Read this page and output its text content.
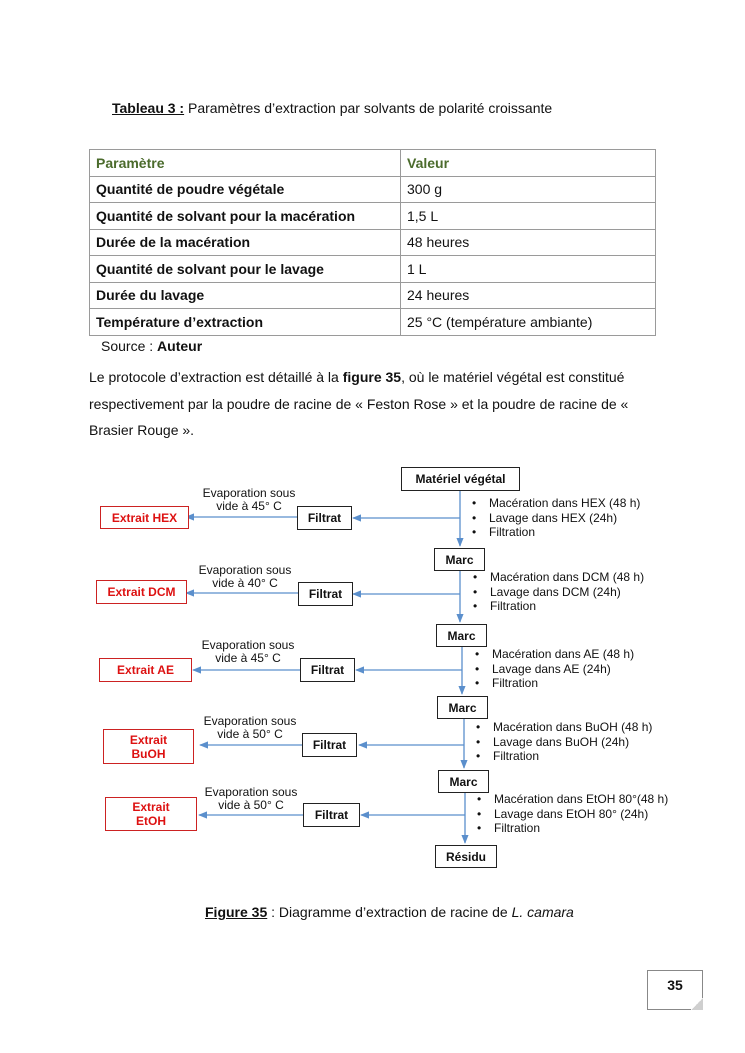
Tableau 3 : Paramètres d’extraction par solvants de polarité croissante
Paramètre	Valeur
Quantité de poudre végétale	300 g
Quantité de solvant pour la macération	1,5 L
Durée de la macération	48 heures
Quantité de solvant pour le lavage	1 L
Durée du lavage	24 heures
Température d’extraction	25 °C (température ambiante)
Source : Auteur
Le protocole d’extraction est détaillé à la figure 35, où le matériel végétal est constitué respectivement par la poudre de racine de « Feston Rose » et la poudre de racine de « Brasier Rouge ».
Matériel végétal
Marc
Marc
Marc
Marc
Résidu
• Macération dans HEX (48 h)
• Lavage dans HEX (24h)
• Filtration
• Macération dans DCM (48 h)
• Lavage dans DCM (24h)
• Filtration
• Macération dans AE (48 h)
• Lavage dans AE (24h)
• Filtration
• Macération dans BuOH (48 h)
• Lavage dans BuOH (24h)
• Filtration
• Macération dans EtOH 80°(48 h)
• Lavage dans EtOH 80° (24h)
• Filtration
Filtrat
Filtrat
Filtrat
Filtrat
Filtrat
Evaporation sous
vide à 45° C
Evaporation sous
vide à 40° C
Evaporation sous
vide à 45° C
Evaporation sous
vide à 50° C
Evaporation sous
vide à 50° C
Extrait HEX
Extrait DCM
Extrait AE
Extrait BuOH
Extrait EtOH
Figure 35 : Diagramme d’extraction de racine de L. camara
35
